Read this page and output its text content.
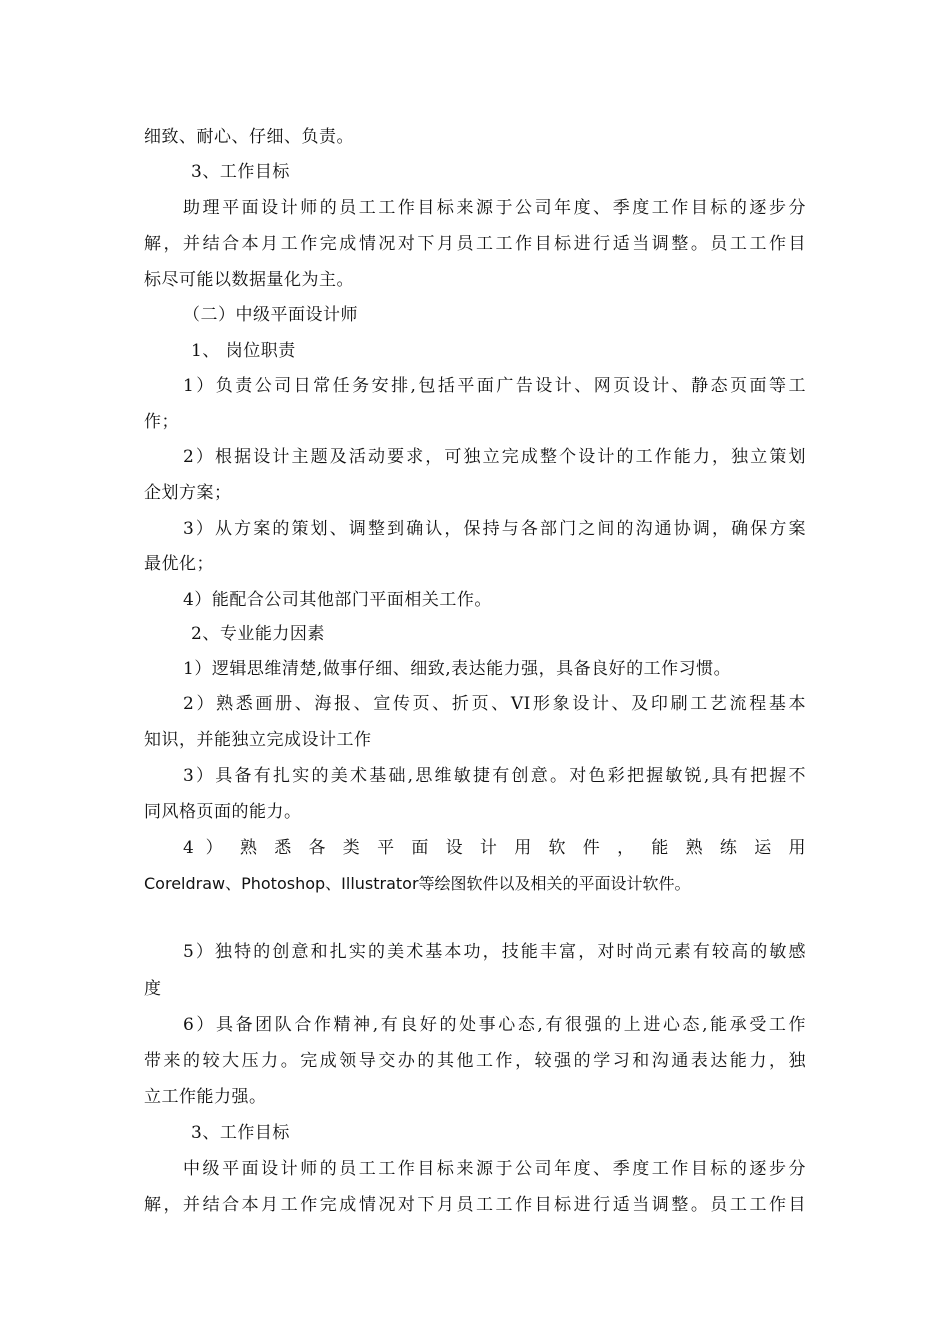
细致、耐心、仔细、负责。
3、工作目标
助理平面设计师的员工工作目标来源于公司年度、季度工作目标的逐步分
解，并结合本月工作完成情况对下月员工工作目标进行适当调整。员工工作目
标尽可能以数据量化为主。
（二）中级平面设计师
1、 岗位职责
1）负责公司日常任务安排,包括平面广告设计、网页设计、静态页面等工
作；
2）根据设计主题及活动要求，可独立完成整个设计的工作能力，独立策划
企划方案；
3）从方案的策划、调整到确认，保持与各部门之间的沟通协调，确保方案
最优化；
4）能配合公司其他部门平面相关工作。
2、专业能力因素
1）逻辑思维清楚,做事仔细、细致,表达能力强，具备良好的工作习惯。
2）熟悉画册、海报、宣传页、折页、VI形象设计、及印刷工艺流程基本
知识，并能独立完成设计工作
3）具备有扎实的美术基础,思维敏捷有创意。对色彩把握敏锐,具有把握不
同风格页面的能力。
4 ） 熟 悉 各 类 平 面 设 计 用 软 件 ， 能 熟 练 运 用
Coreldraw、Photoshop、Illustrator等绘图软件以及相关的平面设计软件。
5）独特的创意和扎实的美术基本功，技能丰富，对时尚元素有较高的敏感
度
6）具备团队合作精神,有良好的处事心态,有很强的上进心态,能承受工作
带来的较大压力。完成领导交办的其他工作，较强的学习和沟通表达能力，独
立工作能力强。
3、工作目标
中级平面设计师的员工工作目标来源于公司年度、季度工作目标的逐步分
解，并结合本月工作完成情况对下月员工工作目标进行适当调整。员工工作目
